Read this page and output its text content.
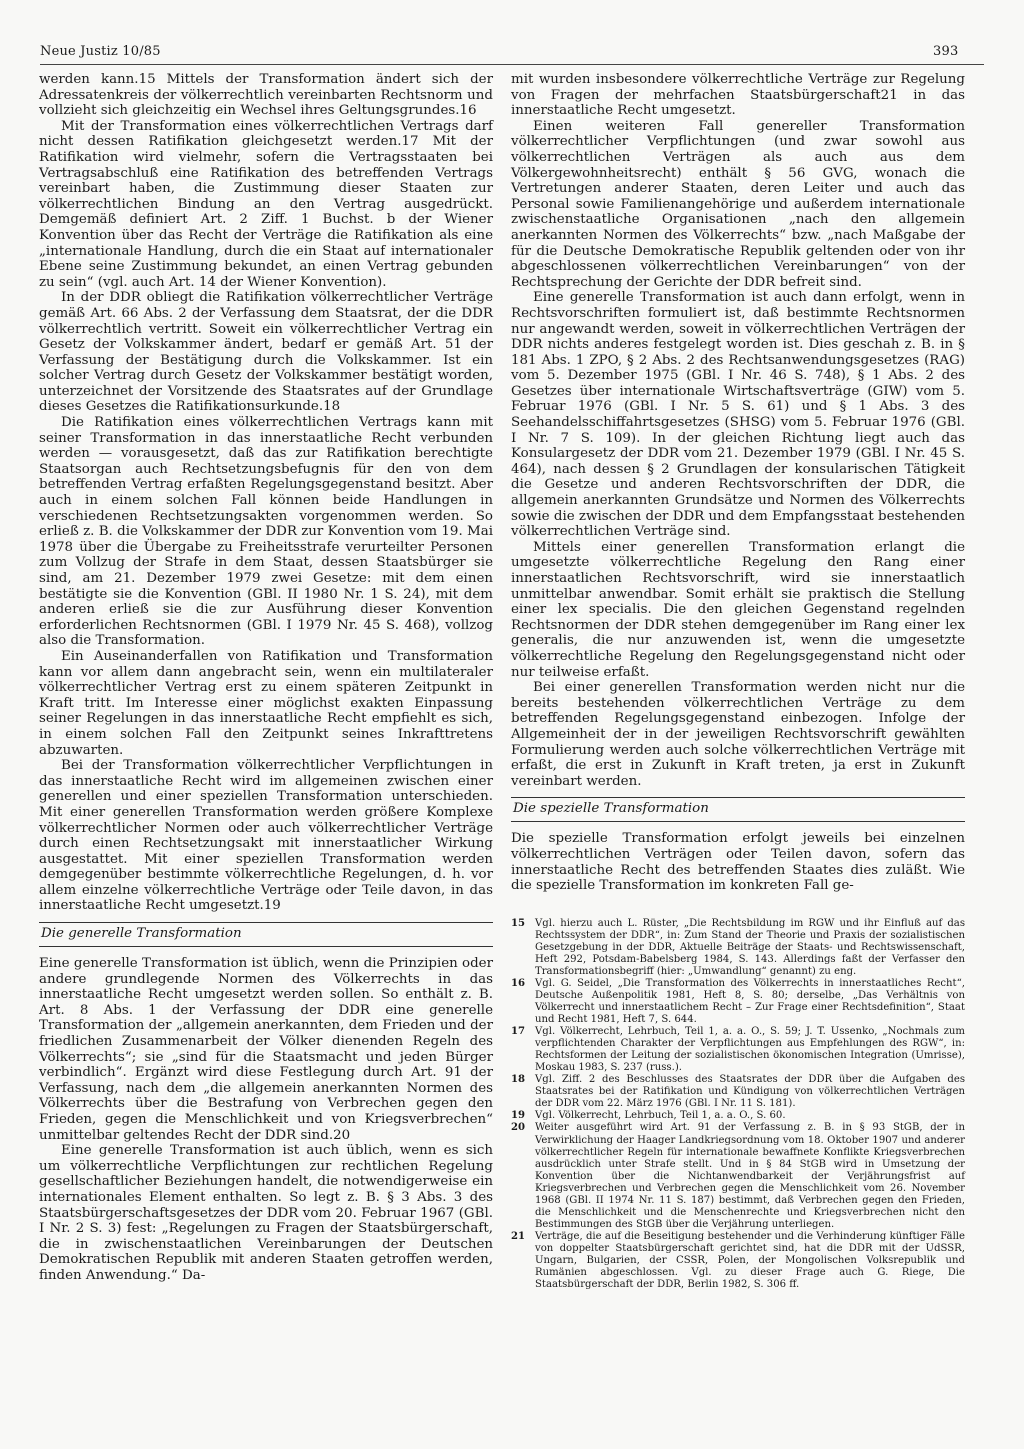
Neue Justiz 10/85	393

werden kann.15 Mittels der Transformation ändert sich der Adressatenkreis der völkerrechtlich vereinbarten Rechtsnorm und vollzieht sich gleichzeitig ein Wechsel ihres Geltungsgrundes.16

Mit der Transformation eines völkerrechtlichen Vertrags darf nicht dessen Ratifikation gleichgesetzt werden.17 Mit der Ratifikation wird vielmehr, sofern die Vertragsstaaten bei Vertragsabschluß eine Ratifikation des betreffenden Vertrags vereinbart haben, die Zustimmung dieser Staaten zur völkerrechtlichen Bindung an den Vertrag ausgedrückt. Demgemäß definiert Art. 2 Ziff. 1 Buchst. b der Wiener Konvention über das Recht der Verträge die Ratifikation als eine „internationale Handlung, durch die ein Staat auf internationaler Ebene seine Zustimmung bekundet, an einen Vertrag gebunden zu sein“ (vgl. auch Art. 14 der Wiener Konvention).

In der DDR obliegt die Ratifikation völkerrechtlicher Verträge gemäß Art. 66 Abs. 2 der Verfassung dem Staatsrat, der die DDR völkerrechtlich vertritt. Soweit ein völkerrechtlicher Vertrag ein Gesetz der Volkskammer ändert, bedarf er gemäß Art. 51 der Verfassung der Bestätigung durch die Volkskammer. Ist ein solcher Vertrag durch Gesetz der Volkskammer bestätigt worden, unterzeichnet der Vorsitzende des Staatsrates auf der Grundlage dieses Gesetzes die Ratifikationsurkunde.18

Die Ratifikation eines völkerrechtlichen Vertrags kann mit seiner Transformation in das innerstaatliche Recht verbunden werden — vorausgesetzt, daß das zur Ratifikation berechtigte Staatsorgan auch Rechtsetzungsbefugnis für den von dem betreffenden Vertrag erfaßten Regelungsgegenstand besitzt. Aber auch in einem solchen Fall können beide Handlungen in verschiedenen Rechtsetzungsakten vorgenommen werden. So erließ z. B. die Volkskammer der DDR zur Konvention vom 19. Mai 1978 über die Übergabe zu Freiheitsstrafe verurteilter Personen zum Vollzug der Strafe in dem Staat, dessen Staatsbürger sie sind, am 21. Dezember 1979 zwei Gesetze: mit dem einen bestätigte sie die Konvention (GBl. II 1980 Nr. 1 S. 24), mit dem anderen erließ sie die zur Ausführung dieser Konvention erforderlichen Rechtsnormen (GBl. I 1979 Nr. 45 S. 468), vollzog also die Transformation.

Ein Auseinanderfallen von Ratifikation und Transformation kann vor allem dann angebracht sein, wenn ein multilateraler völkerrechtlicher Vertrag erst zu einem späteren Zeitpunkt in Kraft tritt. Im Interesse einer möglichst exakten Einpassung seiner Regelungen in das innerstaatliche Recht empfiehlt es sich, in einem solchen Fall den Zeitpunkt seines Inkrafttretens abzuwarten.

Bei der Transformation völkerrechtlicher Verpflichtungen in das innerstaatliche Recht wird im allgemeinen zwischen einer generellen und einer speziellen Transformation unterschieden. Mit einer generellen Transformation werden größere Komplexe völkerrechtlicher Normen oder auch völkerrechtlicher Verträge durch einen Rechtsetzungsakt mit innerstaatlicher Wirkung ausgestattet. Mit einer speziellen Transformation werden demgegenüber bestimmte völkerrechtliche Regelungen, d. h. vor allem einzelne völkerrechtliche Verträge oder Teile davon, in das innerstaatliche Recht umgesetzt.19

Die generelle Transformation

Eine generelle Transformation ist üblich, wenn die Prinzipien oder andere grundlegende Normen des Völkerrechts in das innerstaatliche Recht umgesetzt werden sollen. So enthält z. B. Art. 8 Abs. 1 der Verfassung der DDR eine generelle Transformation der „allgemein anerkannten, dem Frieden und der friedlichen Zusammenarbeit der Völker dienenden Regeln des Völkerrechts“; sie „sind für die Staatsmacht und jeden Bürger verbindlich“. Ergänzt wird diese Festlegung durch Art. 91 der Verfassung, nach dem „die allgemein anerkannten Normen des Völkerrechts über die Bestrafung von Verbrechen gegen den Frieden, gegen die Menschlichkeit und von Kriegsverbrechen“ unmittelbar geltendes Recht der DDR sind.20

Eine generelle Transformation ist auch üblich, wenn es sich um völkerrechtliche Verpflichtungen zur rechtlichen Regelung gesellschaftlicher Beziehungen handelt, die notwendigerweise ein internationales Element enthalten. So legt z. B. § 3 Abs. 3 des Staatsbürgerschaftsgesetzes der DDR vom 20. Februar 1967 (GBl. I Nr. 2 S. 3) fest: „Regelungen zu Fragen der Staatsbürgerschaft, die in zwischenstaatlichen Vereinbarungen der Deutschen Demokratischen Republik mit anderen Staaten getroffen werden, finden Anwendung.“ Da-

mit wurden insbesondere völkerrechtliche Verträge zur Regelung von Fragen der mehrfachen Staatsbürgerschaft21 in das innerstaatliche Recht umgesetzt.

Einen weiteren Fall genereller Transformation völkerrechtlicher Verpflichtungen (und zwar sowohl aus völkerrechtlichen Verträgen als auch aus dem Völkergewohnheitsrecht) enthält § 56 GVG, wonach die Vertretungen anderer Staaten, deren Leiter und auch das Personal sowie Familienangehörige und außerdem internationale zwischenstaatliche Organisationen „nach den allgemein anerkannten Normen des Völkerrechts“ bzw. „nach Maßgabe der für die Deutsche Demokratische Republik geltenden oder von ihr abgeschlossenen völkerrechtlichen Vereinbarungen“ von der Rechtsprechung der Gerichte der DDR befreit sind.

Eine generelle Transformation ist auch dann erfolgt, wenn in Rechtsvorschriften formuliert ist, daß bestimmte Rechtsnormen nur angewandt werden, soweit in völkerrechtlichen Verträgen der DDR nichts anderes festgelegt worden ist. Dies geschah z. B. in § 181 Abs. 1 ZPO, § 2 Abs. 2 des Rechtsanwendungsgesetzes (RAG) vom 5. Dezember 1975 (GBl. I Nr. 46 S. 748), § 1 Abs. 2 des Gesetzes über internationale Wirtschaftsverträge (GIW) vom 5. Februar 1976 (GBl. I Nr. 5 S. 61) und § 1 Abs. 3 des Seehandelsschiffahrtsgesetzes (SHSG) vom 5. Februar 1976 (GBl. I Nr. 7 S. 109). In der gleichen Richtung liegt auch das Konsulargesetz der DDR vom 21. Dezember 1979 (GBl. I Nr. 45 S. 464), nach dessen § 2 Grundlagen der konsularischen Tätigkeit die Gesetze und anderen Rechtsvorschriften der DDR, die allgemein anerkannten Grundsätze und Normen des Völkerrechts sowie die zwischen der DDR und dem Empfangsstaat bestehenden völkerrechtlichen Verträge sind.

Mittels einer generellen Transformation erlangt die umgesetzte völkerrechtliche Regelung den Rang einer innerstaatlichen Rechtsvorschrift, wird sie innerstaatlich unmittelbar anwendbar. Somit erhält sie praktisch die Stellung einer lex specialis. Die den gleichen Gegenstand regelnden Rechtsnormen der DDR stehen demgegenüber im Rang einer lex generalis, die nur anzuwenden ist, wenn die umgesetzte völkerrechtliche Regelung den Regelungsgegenstand nicht oder nur teilweise erfaßt.

Bei einer generellen Transformation werden nicht nur die bereits bestehenden völkerrechtlichen Verträge zu dem betreffenden Regelungsgegenstand einbezogen. Infolge der Allgemeinheit der in der jeweiligen Rechtsvorschrift gewählten Formulierung werden auch solche völkerrechtlichen Verträge mit erfaßt, die erst in Zukunft in Kraft treten, ja erst in Zukunft vereinbart werden.

Die spezielle Transformation

Die spezielle Transformation erfolgt jeweils bei einzelnen völkerrechtlichen Verträgen oder Teilen davon, sofern das innerstaatliche Recht des betreffenden Staates dies zuläßt. Wie die spezielle Transformation im konkreten Fall ge-

15 Vgl. hierzu auch L. Rüster, „Die Rechtsbildung im RGW und ihr Einfluß auf das Rechtssystem der DDR“, in: Zum Stand der Theorie und Praxis der sozialistischen Gesetzgebung in der DDR, Aktuelle Beiträge der Staats- und Rechtswissenschaft, Heft 292, Potsdam-Babelsberg 1984, S. 143. Allerdings faßt der Verfasser den Transformationsbegriff (hier: „Umwandlung“ genannt) zu eng.
16 Vgl. G. Seidel, „Die Transformation des Völkerrechts in innerstaatliches Recht“, Deutsche Außenpolitik 1981, Heft 8, S. 80; derselbe, „Das Verhältnis von Völkerrecht und innerstaatlichem Recht – Zur Frage einer Rechtsdefinition“, Staat und Recht 1981, Heft 7, S. 644.
17 Vgl. Völkerrecht, Lehrbuch, Teil 1, a. a. O., S. 59; J. T. Ussenko, „Nochmals zum verpflichtenden Charakter der Verpflichtungen aus Empfehlungen des RGW“, in: Rechtsformen der Leitung der sozialistischen ökonomischen Integration (Umrisse), Moskau 1983, S. 237 (russ.).
18 Vgl. Ziff. 2 des Beschlusses des Staatsrates der DDR über die Aufgaben des Staatsrates bei der Ratifikation und Kündigung von völkerrechtlichen Verträgen der DDR vom 22. März 1976 (GBl. I Nr. 11 S. 181).
19 Vgl. Völkerrecht, Lehrbuch, Teil 1, a. a. O., S. 60.
20 Weiter ausgeführt wird Art. 91 der Verfassung z. B. in § 93 StGB, der in Verwirklichung der Haager Landkriegsordnung vom 18. Oktober 1907 und anderer völkerrechtlicher Regeln für internationale bewaffnete Konflikte Kriegsverbrechen ausdrücklich unter Strafe stellt. Und in § 84 StGB wird in Umsetzung der Konvention über die Nichtanwendbarkeit der Verjährungsfrist auf Kriegsverbrechen und Verbrechen gegen die Menschlichkeit vom 26. November 1968 (GBl. II 1974 Nr. 11 S. 187) bestimmt, daß Verbrechen gegen den Frieden, die Menschlichkeit und die Menschenrechte und Kriegsverbrechen nicht den Bestimmungen des StGB über die Verjährung unterliegen.
21 Verträge, die auf die Beseitigung bestehender und die Verhinderung künftiger Fälle von doppelter Staatsbürgerschaft gerichtet sind, hat die DDR mit der UdSSR, Ungarn, Bulgarien, der CSSR, Polen, der Mongolischen Volksrepublik und Rumänien abgeschlossen. Vgl. zu dieser Frage auch G. Riege, Die Staatsbürgerschaft der DDR, Berlin 1982, S. 306 ff.
